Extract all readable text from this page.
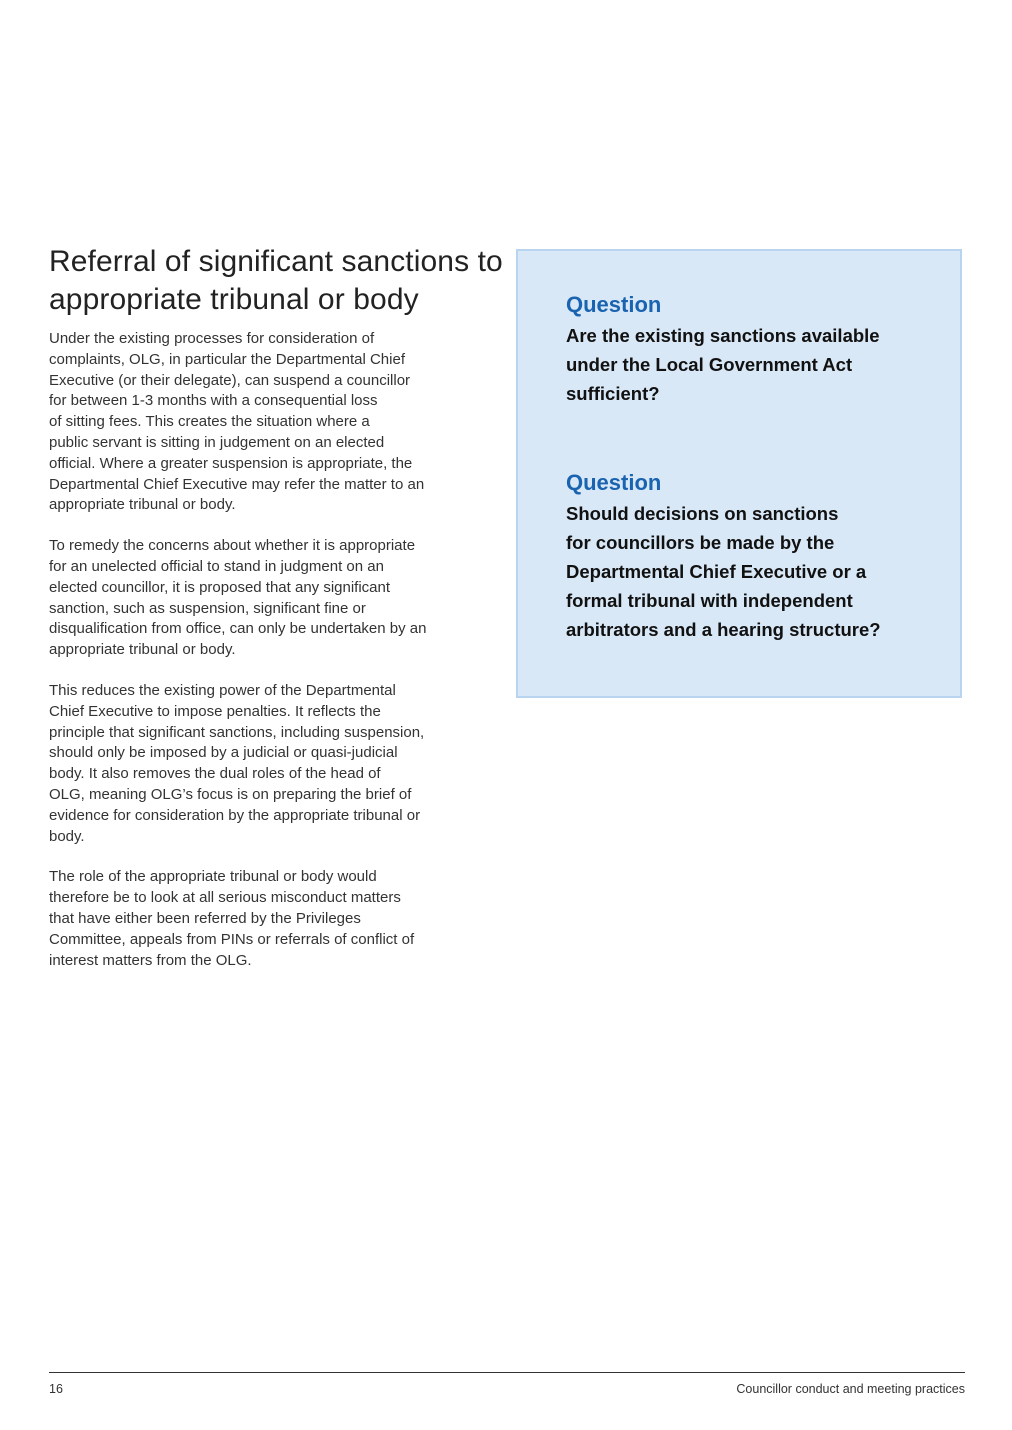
Referral of significant sanctions to appropriate tribunal or body

Under the existing processes for consideration of
complaints, OLG, in particular the Departmental Chief
Executive (or their delegate), can suspend a councillor
for between 1-3 months with a consequential loss
of sitting fees. This creates the situation where a
public servant is sitting in judgement on an elected
official. Where a greater suspension is appropriate, the
Departmental Chief Executive may refer the matter to an
appropriate tribunal or body.

To remedy the concerns about whether it is appropriate
for an unelected official to stand in judgment on an
elected councillor, it is proposed that any significant
sanction, such as suspension, significant fine or
disqualification from office, can only be undertaken by an
appropriate tribunal or body.

This reduces the existing power of the Departmental
Chief Executive to impose penalties. It reflects the
principle that significant sanctions, including suspension,
should only be imposed by a judicial or quasi-judicial
body. It also removes the dual roles of the head of
OLG, meaning OLG’s focus is on preparing the brief of
evidence for consideration by the appropriate tribunal or
body.

The role of the appropriate tribunal or body would
therefore be to look at all serious misconduct matters
that have either been referred by the Privileges
Committee, appeals from PINs or referrals of conflict of
interest matters from the OLG.

Question

Are the existing sanctions available
under the Local Government Act
sufficient?

Question

Should decisions on sanctions
for councillors be made by the
Departmental Chief Executive or a
formal tribunal with independent
arbitrators and a hearing structure?

16	Councillor conduct and meeting practices
